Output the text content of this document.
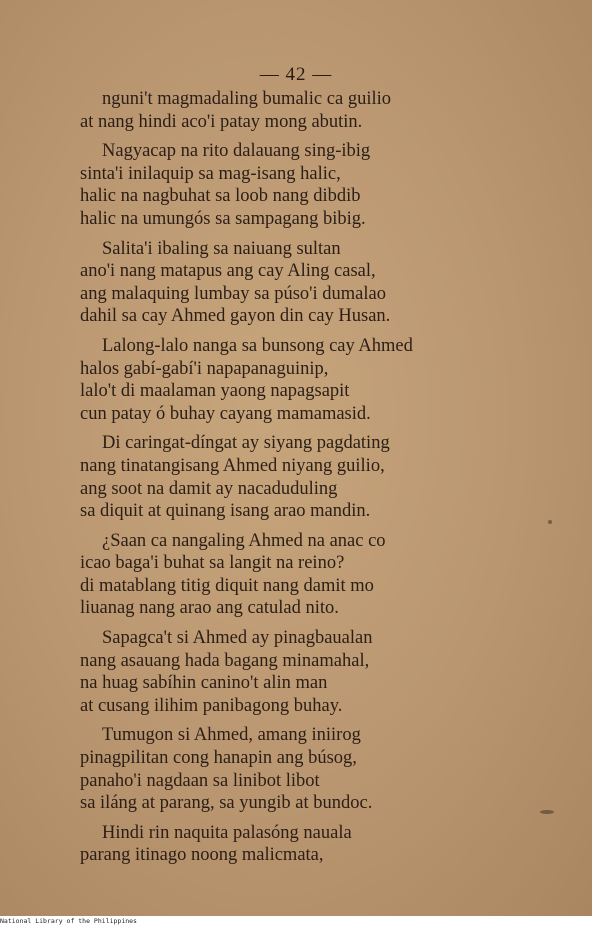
— 42 —
nguni't magmadaling bumalic ca guilio
at nang hindi aco'i patay mong abutin.
Nagyacap na rito dalauang sing-ibig
sinta'i inilaquip sa mag-isang halic,
halic na nagbuhat sa loob nang dibdib
halic na umungós sa sampagang bibig.
Salita'i ibaling sa naiuang sultan
ano'i nang matapus ang cay Aling casal,
ang malaquing lumbay sa púso'i dumalao
dahil sa cay Ahmed gayon din cay Husan.
Lalong-lalo nanga sa bunsong cay Ahmed
halos gabí-gabí'i napapanaguinip,
lalo't di maalaman yaong napagsapit
cun patay ó buhay cayang mamamasid.
Di caringat-díngat ay siyang pagdating
nang tinatangisang Ahmed niyang guilio,
ang soot na damit ay nacaduduling
sa diquit at quinang isang arao mandin.
¿Saan ca nangaling Ahmed na anac co
icao baga'i buhat sa langit na reino?
di matablang titig diquit nang damit mo
liuanag nang arao ang catulad nito.
Sapagca't si Ahmed ay pinagbaualan
nang asauang hada bagang minamahal,
na huag sabíhin canino't alin man
at cusang ilihim panibagong buhay.
Tumugon si Ahmed, amang iniirog
pinagpilitan cong hanapin ang búsog,
panaho'i nagdaan sa linibot libot
sa iláng at parang, sa yungib at bundoc.
Hindi rin naquita palasóng nauala
parang itinago noong malicmata,
National Library of the Philippines
